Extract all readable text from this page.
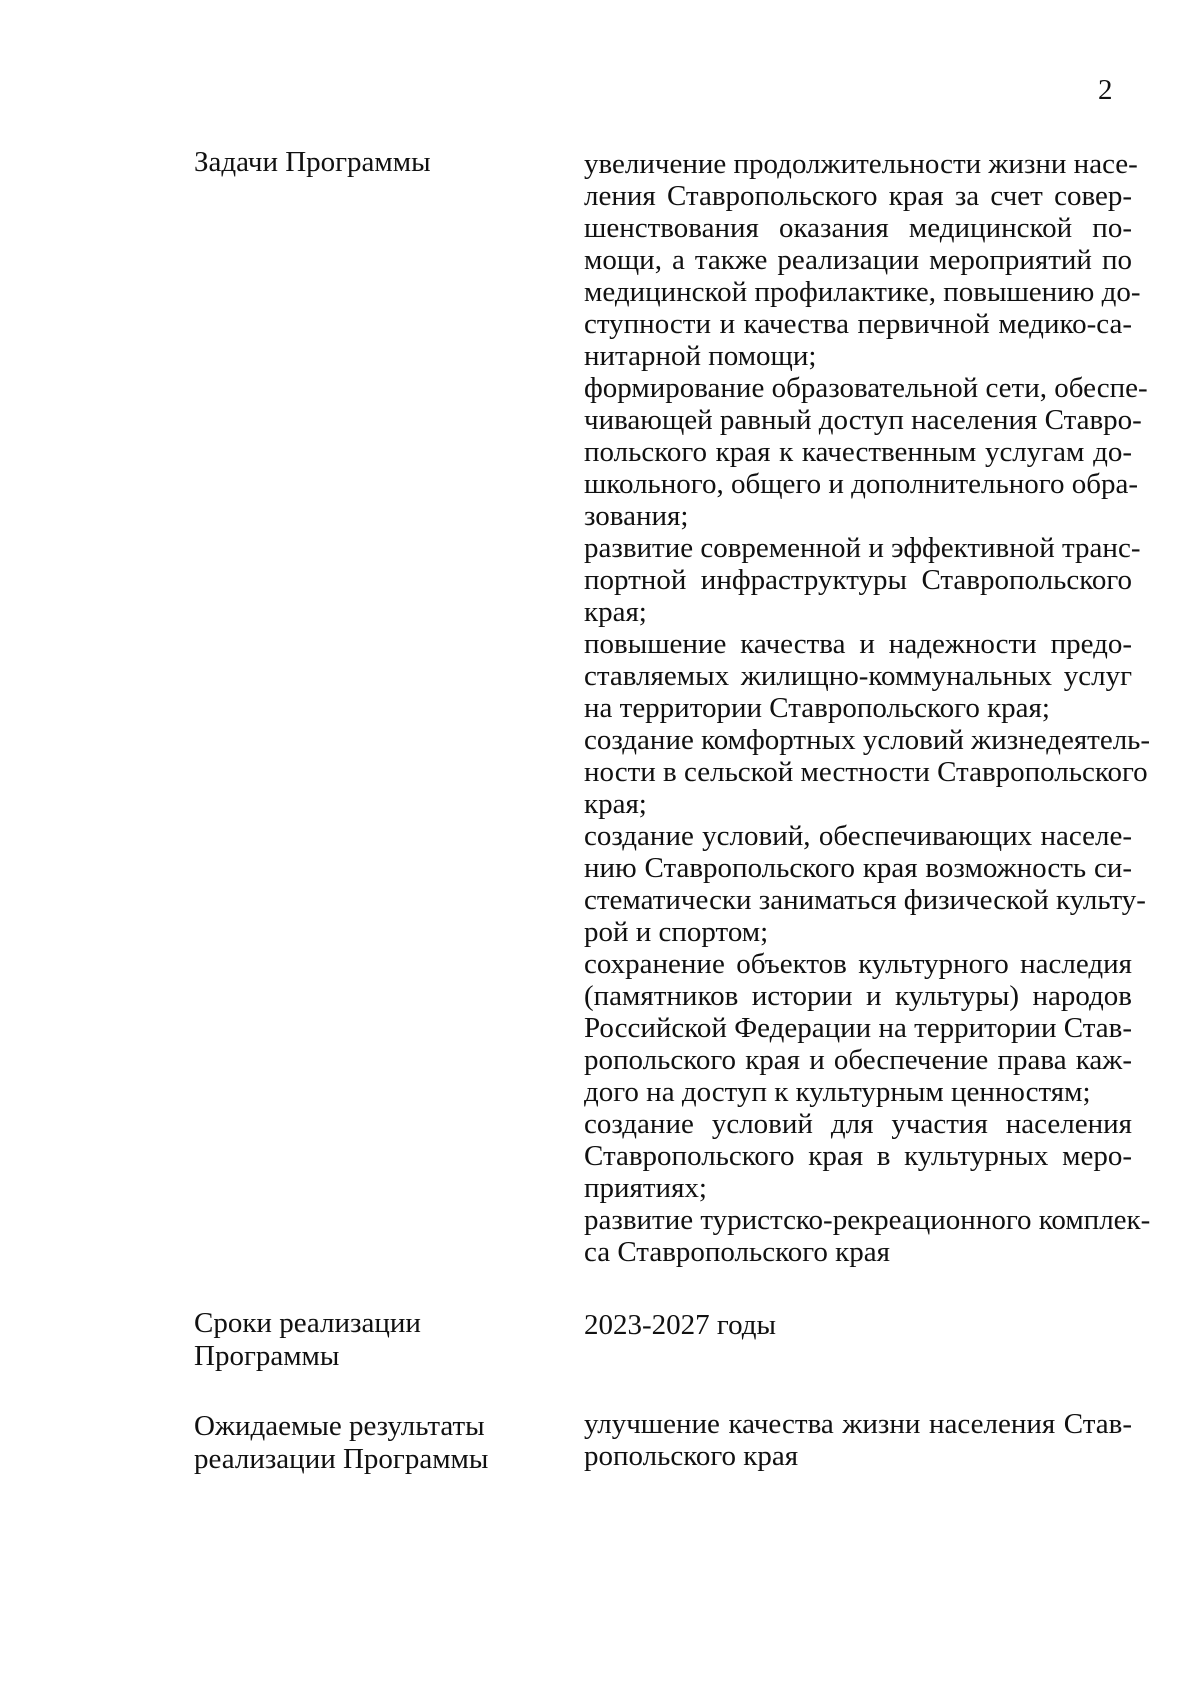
2
Задачи Программы	увеличение продолжительности жизни насе-
ления Ставропольского края за счет совер-
шенствования оказания медицинской по-
мощи, а также реализации мероприятий по
медицинской профилактике, повышению до-
ступности и качества первичной медико-са-
нитарной помощи;
формирование образовательной сети, обеспе-
чивающей равный доступ населения Ставро-
польского края к качественным услугам до-
школьного, общего и дополнительного обра-
зования;
развитие современной и эффективной транс-
портной инфраструктуры Ставропольского
края;
повышение качества и надежности предо-
ставляемых жилищно-коммунальных услуг
на территории Ставропольского края;
создание комфортных условий жизнедеятель-
ности в сельской местности Ставропольского
края;
создание условий, обеспечивающих населе-
нию Ставропольского края возможность си-
стематически заниматься физической культу-
рой и спортом;
сохранение объектов культурного наследия
(памятников истории и культуры) народов
Российской Федерации на территории Став-
ропольского края и обеспечение права каж-
дого на доступ к культурным ценностям;
создание условий для участия населения
Ставропольского края в культурных меро-
приятиях;
развитие туристско-рекреационного комплек-
са Ставропольского края
Сроки реализации
Программы
2023-2027 годы
Ожидаемые результаты
реализации Программы
улучшение качества жизни населения Став-
ропольского края
